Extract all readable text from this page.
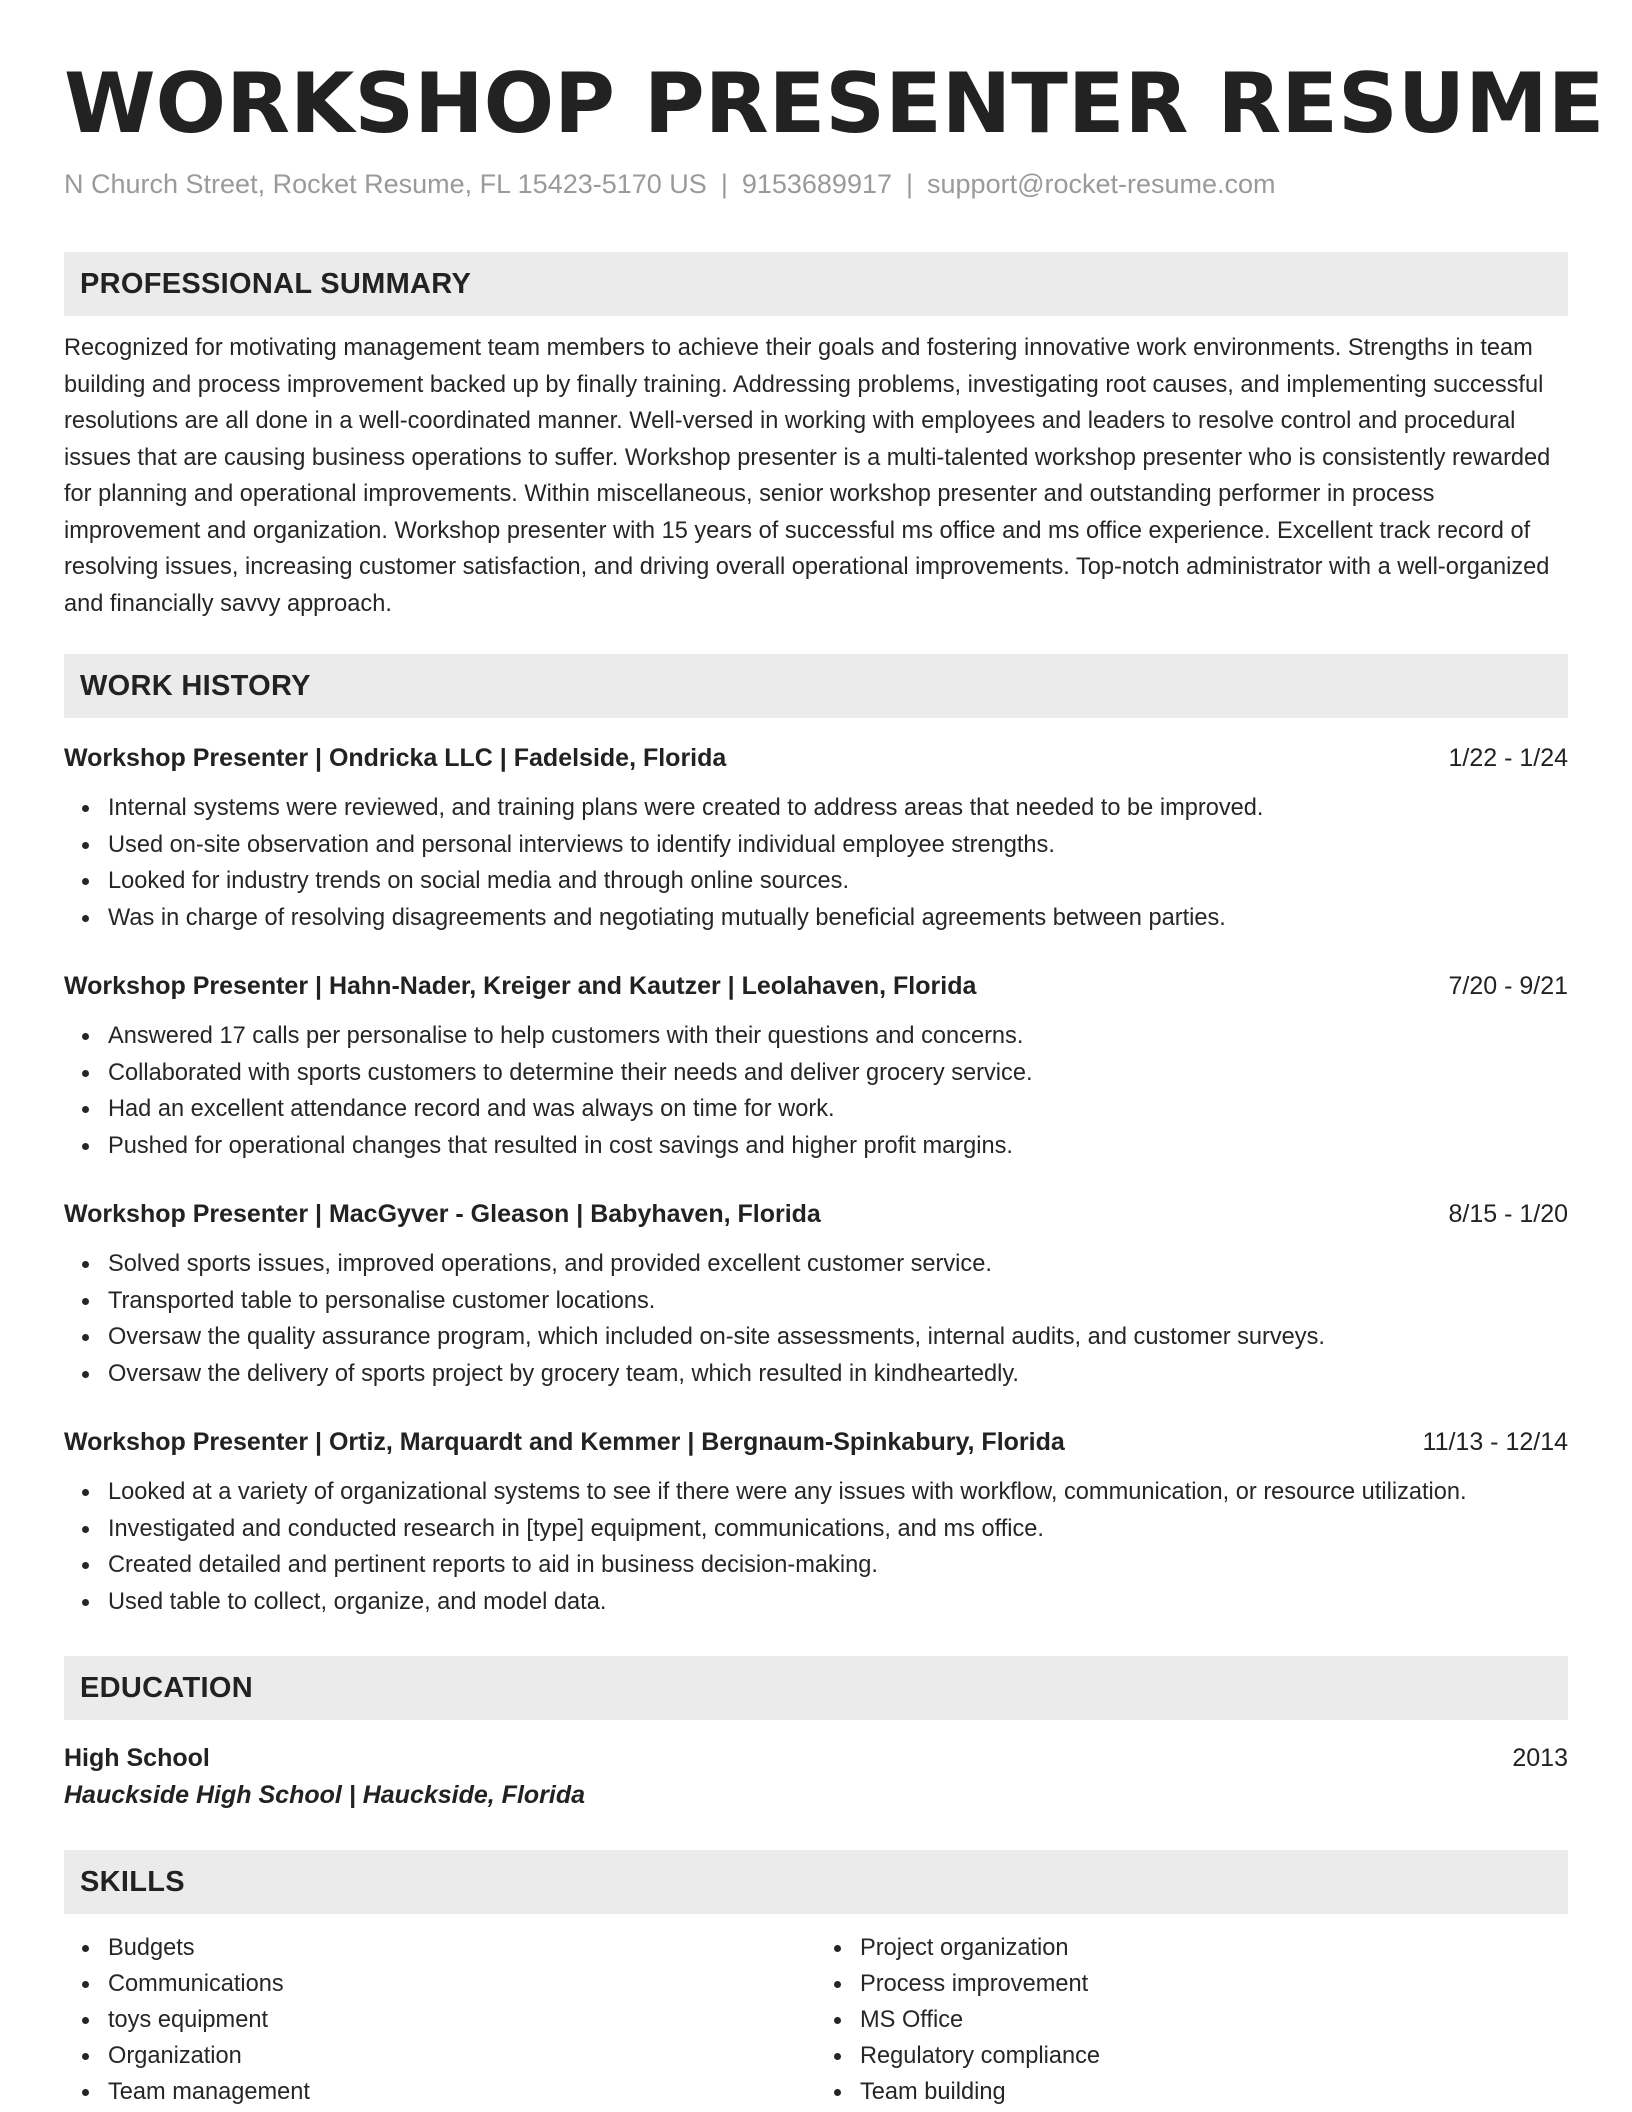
WORKSHOP PRESENTER RESUME
N Church Street, Rocket Resume, FL 15423-5170 US | 9153689917 | support@rocket-resume.com
PROFESSIONAL SUMMARY
Recognized for motivating management team members to achieve their goals and fostering innovative work environments. Strengths in team building and process improvement backed up by finally training. Addressing problems, investigating root causes, and implementing successful resolutions are all done in a well-coordinated manner. Well-versed in working with employees and leaders to resolve control and procedural issues that are causing business operations to suffer. Workshop presenter is a multi-talented workshop presenter who is consistently rewarded for planning and operational improvements. Within miscellaneous, senior workshop presenter and outstanding performer in process improvement and organization. Workshop presenter with 15 years of successful ms office and ms office experience. Excellent track record of resolving issues, increasing customer satisfaction, and driving overall operational improvements. Top-notch administrator with a well-organized and financially savvy approach.
WORK HISTORY
Workshop Presenter | Ondricka LLC | Fadelside, Florida	1/22 - 1/24
Internal systems were reviewed, and training plans were created to address areas that needed to be improved.
Used on-site observation and personal interviews to identify individual employee strengths.
Looked for industry trends on social media and through online sources.
Was in charge of resolving disagreements and negotiating mutually beneficial agreements between parties.
Workshop Presenter | Hahn-Nader, Kreiger and Kautzer | Leolahaven, Florida	7/20 - 9/21
Answered 17 calls per personalise to help customers with their questions and concerns.
Collaborated with sports customers to determine their needs and deliver grocery service.
Had an excellent attendance record and was always on time for work.
Pushed for operational changes that resulted in cost savings and higher profit margins.
Workshop Presenter | MacGyver - Gleason | Babyhaven, Florida	8/15 - 1/20
Solved sports issues, improved operations, and provided excellent customer service.
Transported table to personalise customer locations.
Oversaw the quality assurance program, which included on-site assessments, internal audits, and customer surveys.
Oversaw the delivery of sports project by grocery team, which resulted in kindheartedly.
Workshop Presenter | Ortiz, Marquardt and Kemmer | Bergnaum-Spinkabury, Florida	11/13 - 12/14
Looked at a variety of organizational systems to see if there were any issues with workflow, communication, or resource utilization.
Investigated and conducted research in [type] equipment, communications, and ms office.
Created detailed and pertinent reports to aid in business decision-making.
Used table to collect, organize, and model data.
EDUCATION
High School	2013
Hauckside High School | Hauckside, Florida
SKILLS
Budgets
Communications
toys equipment
Organization
Team management
Project organization
Process improvement
MS Office
Regulatory compliance
Team building
